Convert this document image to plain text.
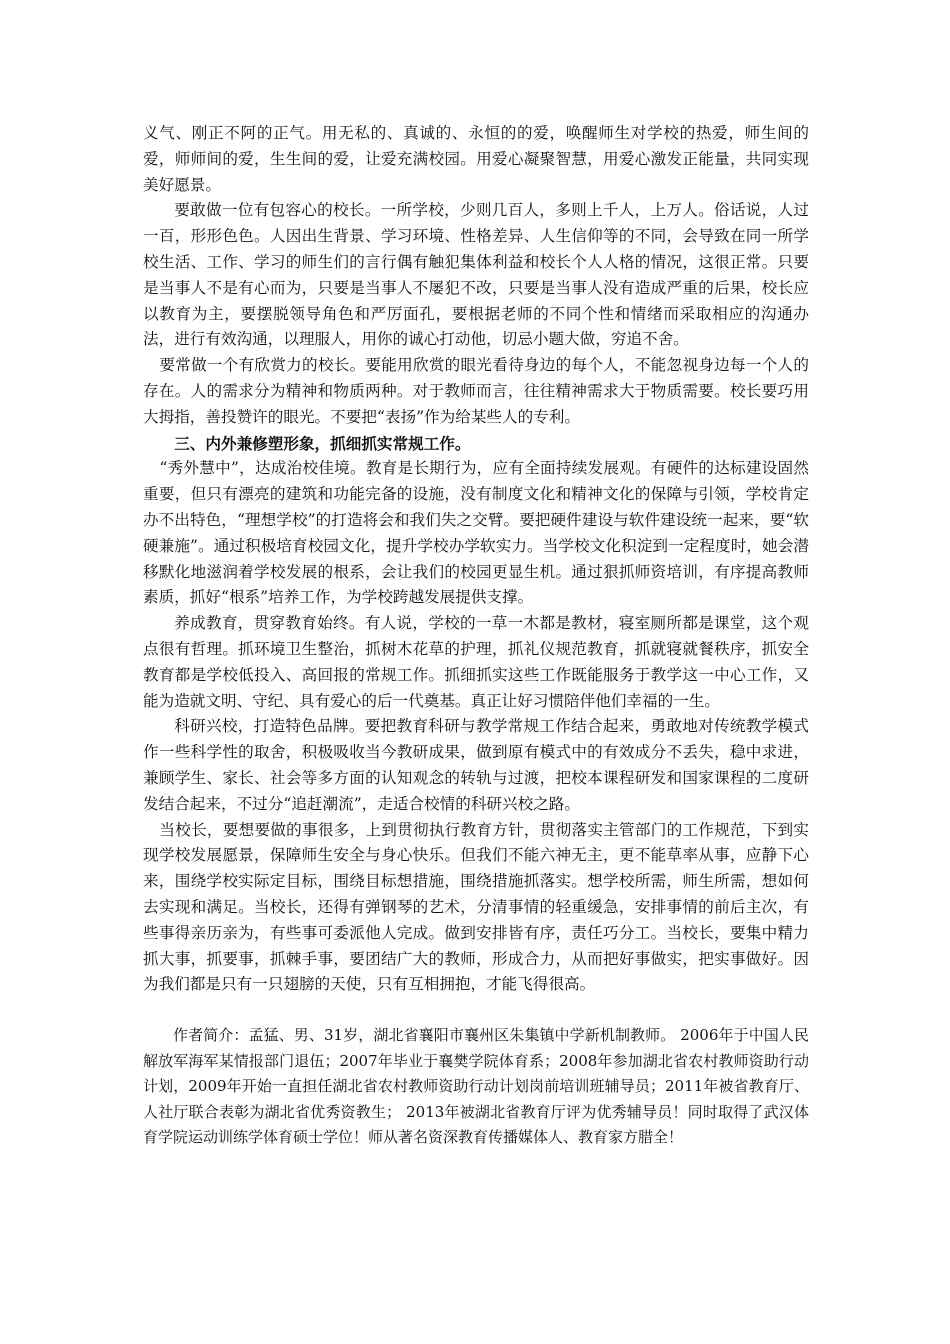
义气、刚正不阿的正气。用无私的、真诚的、永恒的的爱，唤醒师生对学校的热爱，师生间的爱，师师间的爱，生生间的爱，让爱充满校园。用爱心凝聚智慧，用爱心激发正能量，共同实现美好愿景。

要敢做一位有包容心的校长。一所学校，少则几百人，多则上千人，上万人。俗话说，人过一百，形形色色。人因出生背景、学习环境、性格差异、人生信仰等的不同，会导致在同一所学校生活、工作、学习的师生们的言行偶有触犯集体利益和校长个人人格的情况，这很正常。只要是当事人不是有心而为，只要是当事人不屡犯不改，只要是当事人没有造成严重的后果，校长应以教育为主，要摆脱领导角色和严厉面孔，要根据老师的不同个性和情绪而采取相应的沟通办法，进行有效沟通，以理服人，用你的诚心打动他，切忌小题大做，穷追不舍。

要常做一个有欣赏力的校长。要能用欣赏的眼光看待身边的每个人，不能忽视身边每一个人的存在。人的需求分为精神和物质两种。对于教师而言，往往精神需求大于物质需要。校长要巧用大拇指，善投赞许的眼光。不要把“表扬”作为给某些人的专利。

三、内外兼修塑形象，抓细抓实常规工作。

“秀外慧中”，达成治校佳境。教育是长期行为，应有全面持续发展观。有硬件的达标建设固然重要，但只有漂亮的建筑和功能完备的设施，没有制度文化和精神文化的保障与引领，学校肯定办不出特色，“理想学校”的打造将会和我们失之交臂。要把硬件建设与软件建设统一起来，要“软硬兼施”。通过积极培育校园文化，提升学校办学软实力。当学校文化积淀到一定程度时，她会潜移默化地滋润着学校发展的根系，会让我们的校园更显生机。通过狠抓师资培训，有序提高教师素质，抓好“根系”培养工作，为学校跨越发展提供支撑。

养成教育，贯穿教育始终。有人说，学校的一草一木都是教材，寝室厕所都是课堂，这个观点很有哲理。抓环境卫生整治，抓树木花草的护理，抓礼仪规范教育，抓就寝就餐秩序，抓安全教育都是学校低投入、高回报的常规工作。抓细抓实这些工作既能服务于教学这一中心工作，又能为造就文明、守纪、具有爱心的后一代奠基。真正让好习惯陪伴他们幸福的一生。

科研兴校，打造特色品牌。要把教育科研与教学常规工作结合起来，勇敢地对传统教学模式作一些科学性的取舍，积极吸收当今教研成果，做到原有模式中的有效成分不丢失，稳中求进，兼顾学生、家长、社会等多方面的认知观念的转轨与过渡，把校本课程研发和国家课程的二度研发结合起来，不过分“追赶潮流”，走适合校情的科研兴校之路。

当校长，要想要做的事很多，上到贯彻执行教育方针，贯彻落实主管部门的工作规范，下到实现学校发展愿景，保障师生安全与身心快乐。但我们不能六神无主，更不能草率从事，应静下心来，围绕学校实际定目标，围绕目标想措施，围绕措施抓落实。想学校所需，师生所需，想如何去实现和满足。当校长，还得有弹钢琴的艺术，分清事情的轻重缓急，安排事情的前后主次，有些事得亲历亲为，有些事可委派他人完成。做到安排皆有序，责任巧分工。当校长，要集中精力抓大事，抓要事，抓棘手事，要团结广大的教师，形成合力，从而把好事做实，把实事做好。因为我们都是只有一只翅膀的天使，只有互相拥抱，才能飞得很高。

作者简介：孟猛、男、31岁，湖北省襄阳市襄州区朱集镇中学新机制教师。 2006年于中国人民解放军海军某情报部门退伍；2007年毕业于襄樊学院体育系；2008年参加湖北省农村教师资助行动计划，2009年开始一直担任湖北省农村教师资助行动计划岗前培训班辅导员；2011年被省教育厅、人社厅联合表彰为湖北省优秀资教生； 2013年被湖北省教育厅评为优秀辅导员！同时取得了武汉体育学院运动训练学体育硕士学位！师从著名资深教育传播媒体人、教育家方腊全！
